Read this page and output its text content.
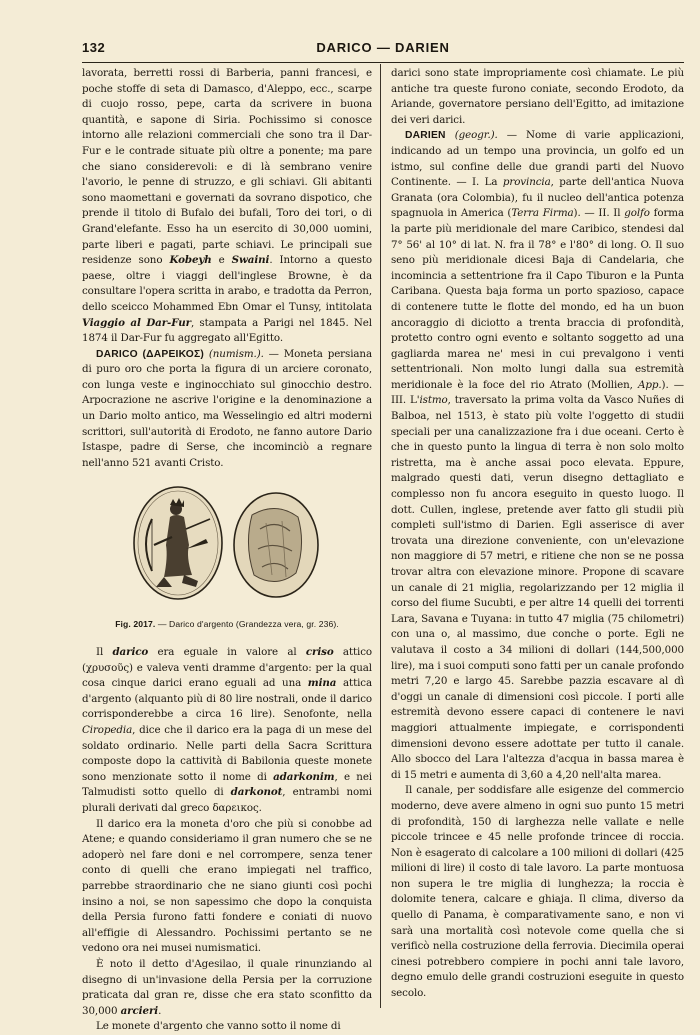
132	DARICO — DARIEN

lavorata, berretti rossi di Barberia, panni francesi, e poche stoffe di seta di Damasco, d'Aleppo, ecc., scarpe di cuojo rosso, pepe, carta da scrivere in buona quantità, e sapone di Siria. Pochissimo si conosce intorno alle relazioni commerciali che sono tra il Dar-Fur e le contrade situate più oltre a ponente; ma pare che siano considerevoli: e di là sembrano venire l'avorio, le penne di struzzo, e gli schiavi. Gli abitanti sono maomettani e governati da sovrano dispotico, che prende il titolo di Bufalo dei bufali, Toro dei tori, o di Grand'elefante. Esso ha un esercito di 30,000 uomini, parte liberi e pagati, parte schiavi. Le principali sue residenze sono Kobeyh e Swaini. Intorno a questo paese, oltre i viaggi dell'inglese Browne, è da consultare l'opera scritta in arabo, e tradotta da Perron, dello sceicco Mohammed Ebn Omar el Tunsy, intitolata Viaggio al Dar-Fur, stampata a Parigi nel 1845. Nel 1874 il Dar-Fur fu aggregato all'Egitto.

DARICO (ΔΑΡΕΙΚΟΣ) (numism.). — Moneta persiana di puro oro che porta la figura di un arciere coronato, con lunga veste e inginocchiato sul ginocchio destro. Arpocrazione ne ascrive l'origine e la denominazione a un Dario molto antico, ma Wesselingio ed altri moderni scrittori, sull'autorità di Erodoto, ne fanno autore Dario Istaspe, padre di Serse, che incominciò a regnare nell'anno 521 avanti Cristo.

Fig. 2017. — Darico d'argento (Grandezza vera, gr. 236).

Il darico era eguale in valore al criso attico (χρυσοῦς) e valeva venti dramme d'argento: per la qual cosa cinque darici erano eguali ad una mina attica d'argento (alquanto più di 80 lire nostrali, onde il darico corrisponderebbe a circa 16 lire). Senofonte, nella Ciropedia, dice che il darico era la paga di un mese del soldato ordinario. Nelle parti della Sacra Scrittura composte dopo la cattività di Babilonia queste monete sono menzionate sotto il nome di adarkonim, e nei Talmudisti sotto quello di darkonot, entrambi nomi plurali derivati dal greco δαρεικος.

Il darico era la moneta d'oro che più si conobbe ad Atene; e quando consideriamo il gran numero che se ne adoperò nel fare doni e nel corrompere, senza tener conto di quelli che erano impiegati nel traffico, parrebbe straordinario che ne siano giunti così pochi insino a noi, se non sapessimo che dopo la conquista della Persia furono fatti fondere e coniati di nuovo all'effigie di Alessandro. Pochissimi pertanto se ne vedono ora nei musei numismatici.

È noto il detto d'Agesilao, il quale rinunziando al disegno di un'invasione della Persia per la corruzione praticata dal gran re, disse che era stato sconfitto da 30,000 arcieri.

Le monete d'argento che vanno sotto il nome di

darici sono state impropriamente così chiamate. Le più antiche tra queste furono coniate, secondo Erodoto, da Ariande, governatore persiano dell'Egitto, ad imitazione dei veri darici.

DARIEN (geogr.). — Nome di varie applicazioni, indicando ad un tempo una provincia, un golfo ed un istmo, sul confine delle due grandi parti del Nuovo Continente. — I. La provincia, parte dell'antica Nuova Granata (ora Colombia), fu il nucleo dell'antica potenza spagnuola in America (Terra Firma). — II. Il golfo forma la parte più meridionale del mare Caribico, stendesi dal 7° 56' al 10° di lat. N. fra il 78° e l'80° di long. O. Il suo seno più meridionale dicesi Baja di Candelaria, che incomincia a settentrione fra il Capo Tiburon e la Punta Caribana. Questa baja forma un porto spazioso, capace di contenere tutte le flotte del mondo, ed ha un buon ancoraggio di diciotto a trenta braccia di profondità, protetto contro ogni evento e soltanto soggetto ad una gagliarda marea ne' mesi in cui prevalgono i venti settentrionali. Non molto lungi dalla sua estremità meridionale è la foce del rio Atrato (Mollien, App.). — III. L'istmo, traversato la prima volta da Vasco Nuñes di Balboa, nel 1513, è stato più volte l'oggetto di studii speciali per una canalizzazione fra i due oceani. Certo è che in questo punto la lingua di terra è non solo molto ristretta, ma è anche assai poco elevata. Eppure, malgrado questi dati, verun disegno dettagliato e complesso non fu ancora eseguito in questo luogo. Il dott. Cullen, inglese, pretende aver fatto gli studii più completi sull'istmo di Darien. Egli asserisce di aver trovata una direzione conveniente, con un'elevazione non maggiore di 57 metri, e ritiene che non se ne possa trovar altra con elevazione minore. Propone di scavare un canale di 21 miglia, regolarizzando per 12 miglia il corso del fiume Sucubti, e per altre 14 quelli dei torrenti Lara, Savana e Tuyana: in tutto 47 miglia (75 chilometri) con una o, al massimo, due conche o porte. Egli ne valutava il costo a 34 milioni di dollari (144,500,000 lire), ma i suoi computi sono fatti per un canale profondo metri 7,20 e largo 45. Sarebbe pazzia escavare al dì d'oggi un canale di dimensioni così piccole. I porti alle estremità devono essere capaci di contenere le navi maggiori attualmente impiegate, e corrispondenti dimensioni devono essere adottate per tutto il canale. Allo sbocco del Lara l'altezza d'acqua in bassa marea è di 15 metri e aumenta di 3,60 a 4,20 nell'alta marea.

Il canale, per soddisfare alle esigenze del commercio moderno, deve avere almeno in ogni suo punto 15 metri di profondità, 150 di larghezza nelle vallate e nelle piccole trincee e 45 nelle profonde trincee di roccia. Non è esagerato di calcolare a 100 milioni di dollari (425 milioni di lire) il costo di tale lavoro. La parte montuosa non supera le tre miglia di lunghezza; la roccia è dolomite tenera, calcare e ghiaja. Il clima, diverso da quello di Panama, è comparativamente sano, e non vi sarà una mortalità così notevole come quella che si verificò nella costruzione della ferrovia. Diecimila operai cinesi potrebbero compiere in pochi anni tale lavoro, degno emulo delle grandi costruzioni eseguite in questo secolo.
